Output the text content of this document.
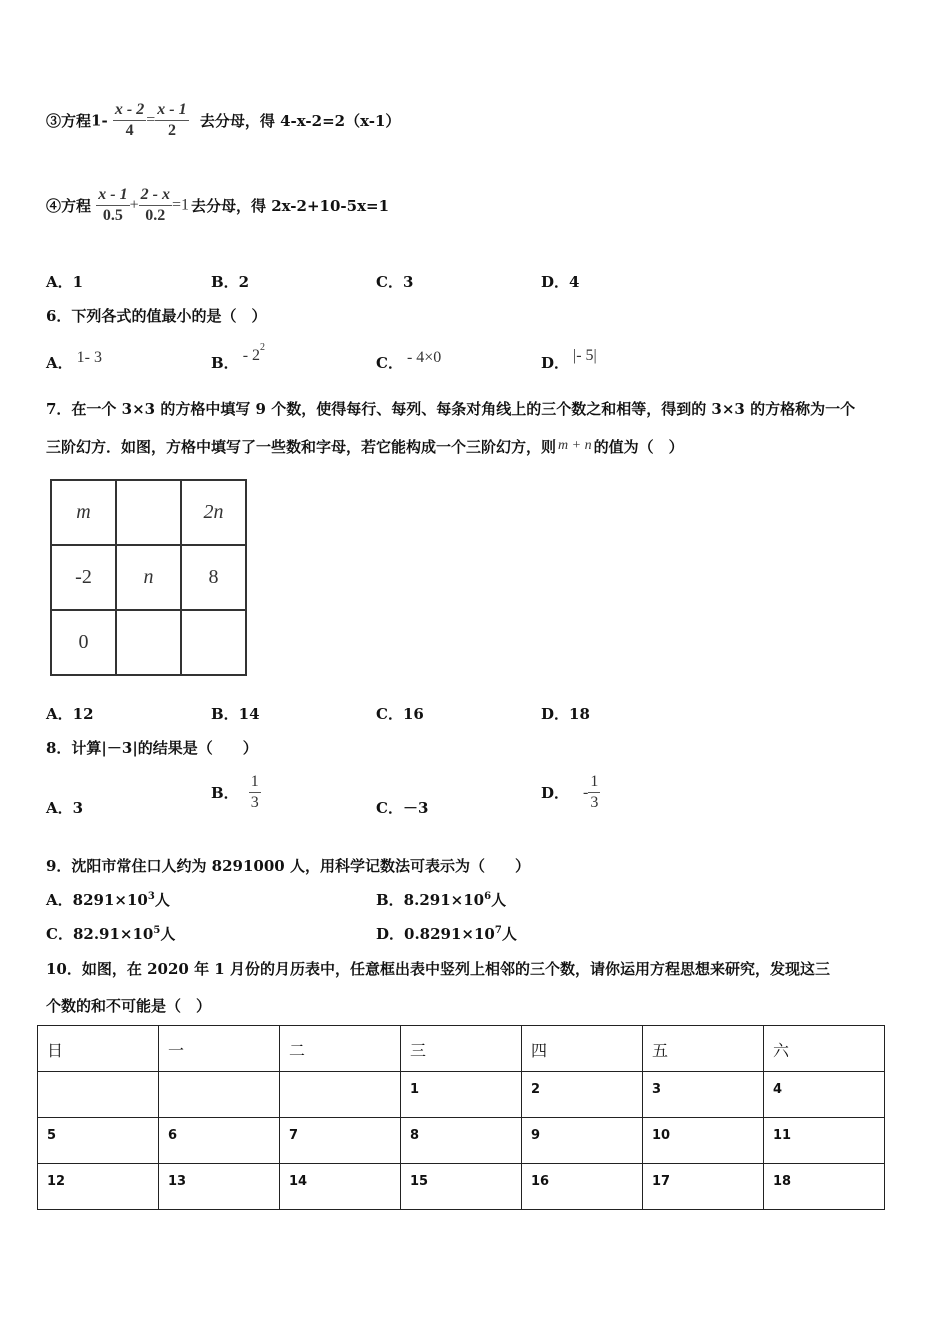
③方程$1- \frac{x - 2}{4} = \frac{x - 1}{2}$ 去分母，得 4-x-2=2（x-1）
④方程 $\frac{x - 1}{0.5} + \frac{2 - x}{0.2} =1$ 去分母，得 2x-2+10-5x=1
A．1	B．2	C．3	D．4
6．下列各式的值最小的是（　）
A． 1- 3	B． - $2^2$
C． - 4×0	D． |- 5|
7．在一个 3×3 的方格中填写 9 个数，使得每行、每列、每条对角线上的三个数之和相等，得到的 3×3 的方格称为一个
三阶幻方．如图，方格中填写了一些数和字母，若它能构成一个三阶幻方，则 m + n 的值为（　）
m		2n
-2	n	8
0		
A．12	B．14	C．16	D．18
8．计算|－3|的结果是（　　）
A．3
B． $\frac{1}{3}$	C．－3
D． - $\frac{1}{3}$
9．沈阳市常住口人约为 8291000 人，用科学记数法可表示为（　　）
A．$8291\times 10^3$人	B．$8.291\times 10^6$人
C．$82.91\times 10^5$人	D．$0.8291\times 10^7$人
10．如图，在 2020 年 1 月份的月历表中，任意框出表中竖列上相邻的三个数，请你运用方程思想来研究，发现这三
个数的和不可能是（　）
日	一	二	三	四	五	六
			1	2	3	4
5	6	7	8	9	10	11
12	13	14	15	16	17	18
